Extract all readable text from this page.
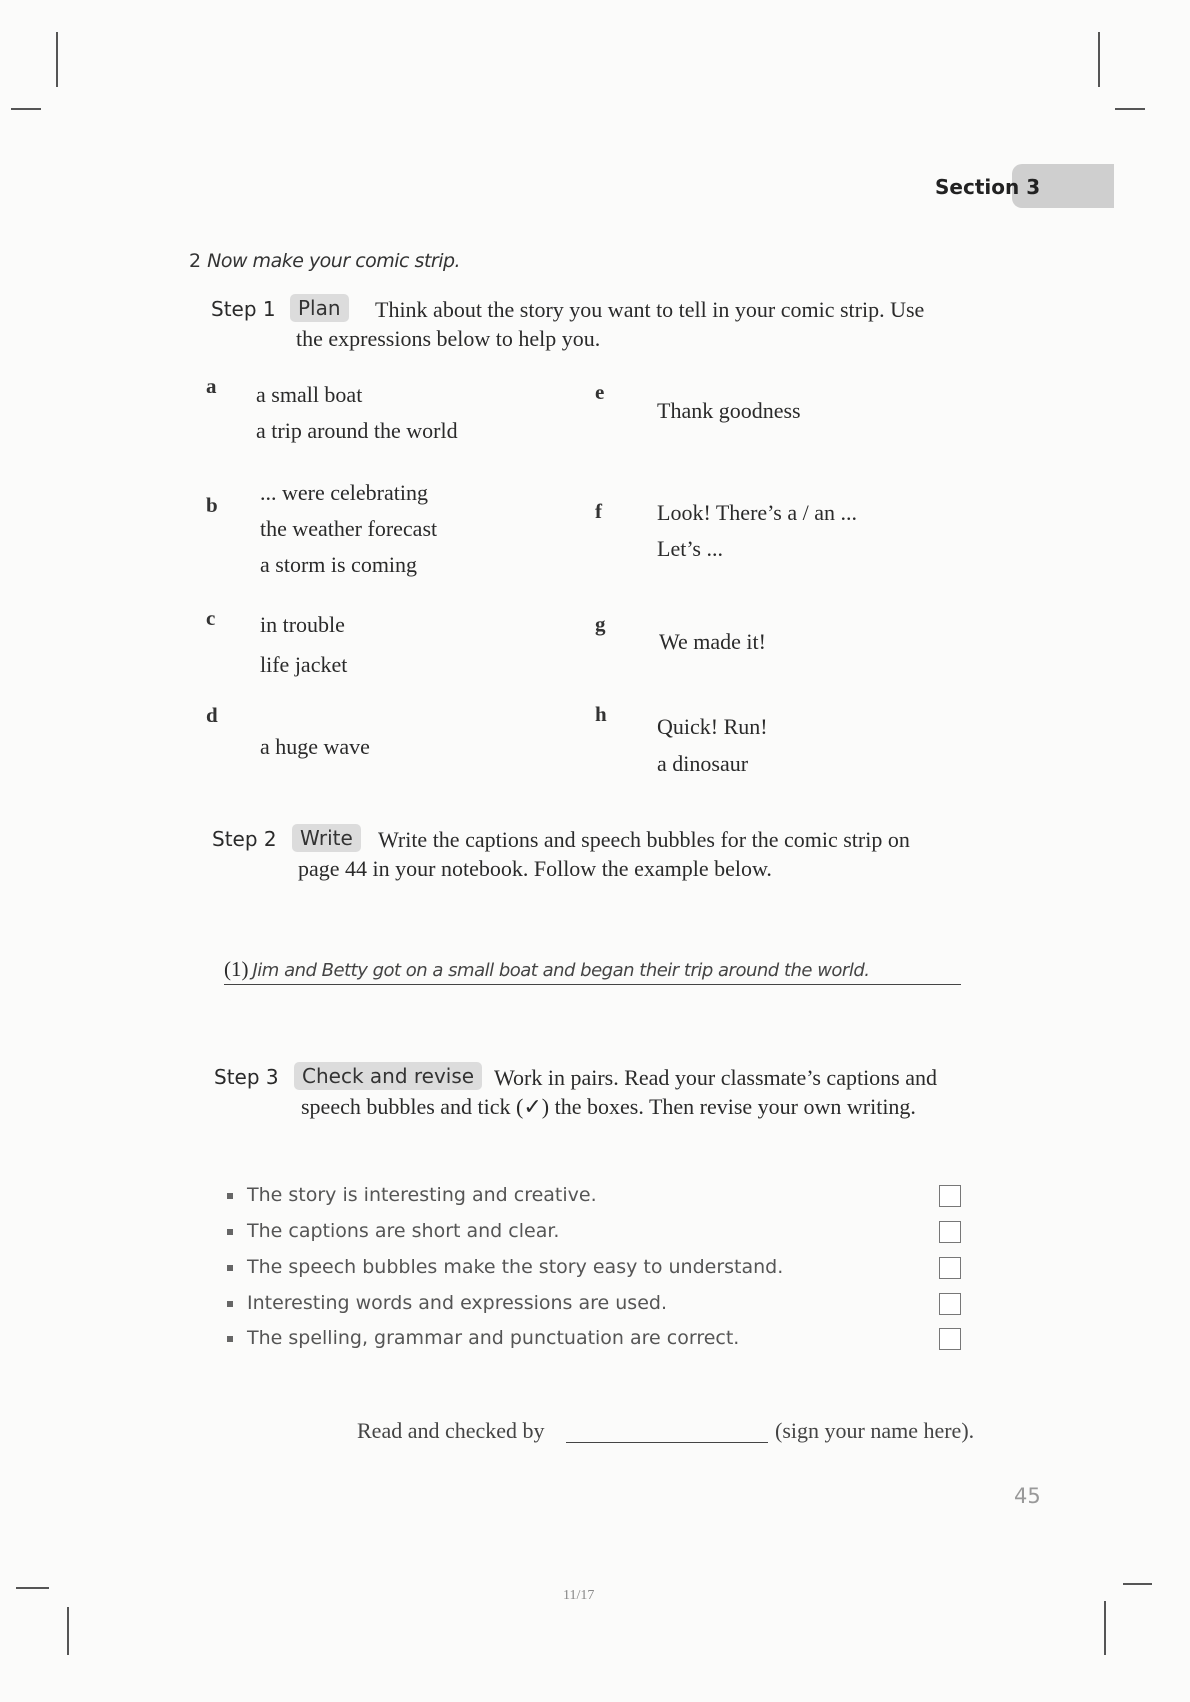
Section 3
2 Now make your comic strip.
Step 1	Plan	Think about the story you want to tell in your comic strip. Use
the expressions below to help you.
a a small boat
a trip around the world
b ... were celebrating
the weather forecast
a storm is coming
c in trouble
life jacket
d
a huge wave
e
Thank goodness
f	Look! There’s a / an ...
Let’s ...
g
We made it!
h Quick! Run!
a dinosaur
Step 2	Write	Write the captions and speech bubbles for the comic strip on
page 44 in your notebook. Follow the example below.
(1) Jim and Betty got on a small boat and began their trip around the world.
Step 3	Check and revise Work in pairs. Read your classmate’s captions and
speech bubbles and tick (✓) the boxes. Then revise your own writing.
The story is interesting and creative.
The captions are short and clear.
The speech bubbles make the story easy to understand.
Interesting words and expressions are used.
The spelling, grammar and punctuation are correct.
Read and checked by	(sign your name here).
45
11/17
